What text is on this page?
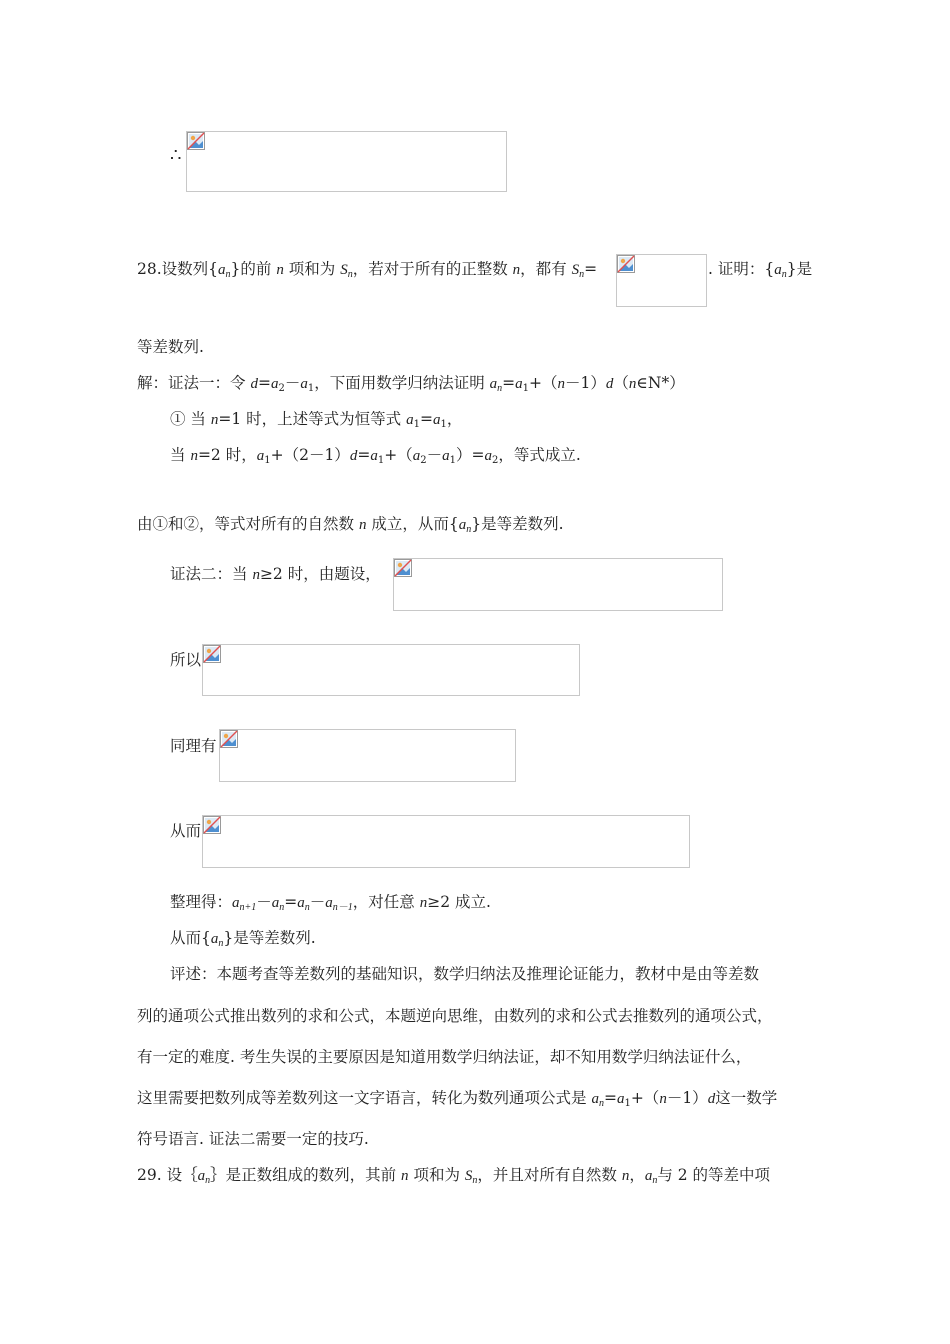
∴
28.设数列$\{a_n\}$的前 n 项和为 $S_n$，若对于所有的正整数 n，都有 $S_n=$	. 证明：$\{a_n\}$是
等差数列.
解：证法一：令 $d=a_2-a_1$，下面用数学归纳法证明 $a_n=a_1+(n-1)d(n\in N*)$
① 当 n=1 时，上述等式为恒等式 $a_1=a_1$，
当 n=2 时，$a_1+(2-1)d=a_1+(a_2-a_1)=a_2$，等式成立.
由①和②，等式对所有的自然数 n 成立，从而$\{a_n\}$是等差数列.
证法二：当 n≥2 时，由题设，
所以
同理有
从而
整理得：$a_{n+1}-a_n=a_n-a_{n-1}$，对任意 n≥2 成立.
从而$\{a_n\}$是等差数列.
评述：本题考查等差数列的基础知识，数学归纳法及推理论证能力，教材中是由等差数
列的通项公式推出数列的求和公式，本题逆向思维，由数列的求和公式去推数列的通项公式，
有一定的难度. 考生失误的主要原因是知道用数学归纳法证，却不知用数学归纳法证什么，
这里需要把数列成等差数列这一文字语言，转化为数列通项公式是 $a_n=a_1+(n-1)d$这一数学
符号语言. 证法二需要一定的技巧.
29. 设$\{a_n\}$是正数组成的数列，其前 n 项和为 $S_n$，并且对所有自然数 n，$a_n$与 2 的等差中项
